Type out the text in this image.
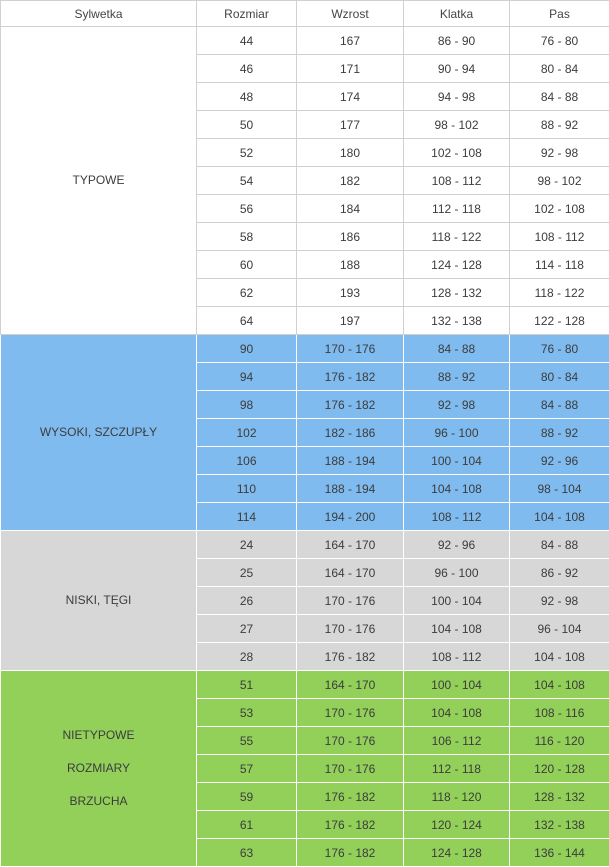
Sylwetka	Rozmiar	Wzrost	Klatka	Pas

TYPOWE	44	167	86 - 90	76 - 80
	46	171	90 - 94	80 - 84
	48	174	94 - 98	84 - 88
	50	177	98 - 102	88 - 92
	52	180	102 - 108	92 - 98
	54	182	108 - 112	98 - 102
	56	184	112 - 118	102 - 108
	58	186	118 - 122	108 - 112
	60	188	124 - 128	114 - 118
	62	193	128 - 132	118 - 122
	64	197	132 - 138	122 - 128

WYSOKI, SZCZUPŁY	90	170 - 176	84 - 88	76 - 80
	94	176 - 182	88 - 92	80 - 84
	98	176 - 182	92 - 98	84 - 88
	102	182 - 186	96 - 100	88 - 92
	106	188 - 194	100 - 104	92 - 96
	110	188 - 194	104 - 108	98 - 104
	114	194 - 200	108 - 112	104 - 108

NISKI, TĘGI	24	164 - 170	92 - 96	84 - 88
	25	164 - 170	96 - 100	86 - 92
	26	170 - 176	100 - 104	92 - 98
	27	170 - 176	104 - 108	96 - 104
	28	176 - 182	108 - 112	104 - 108

NIETYPOWE
ROZMIARY
BRZUCHA	51	164 - 170	100 - 104	104 - 108
	53	170 - 176	104 - 108	108 - 116
	55	170 - 176	106 - 112	116 - 120
	57	170 - 176	112 - 118	120 - 128
	59	176 - 182	118 - 120	128 - 132
	61	176 - 182	120 - 124	132 - 138
	63	176 - 182	124 - 128	136 - 144
